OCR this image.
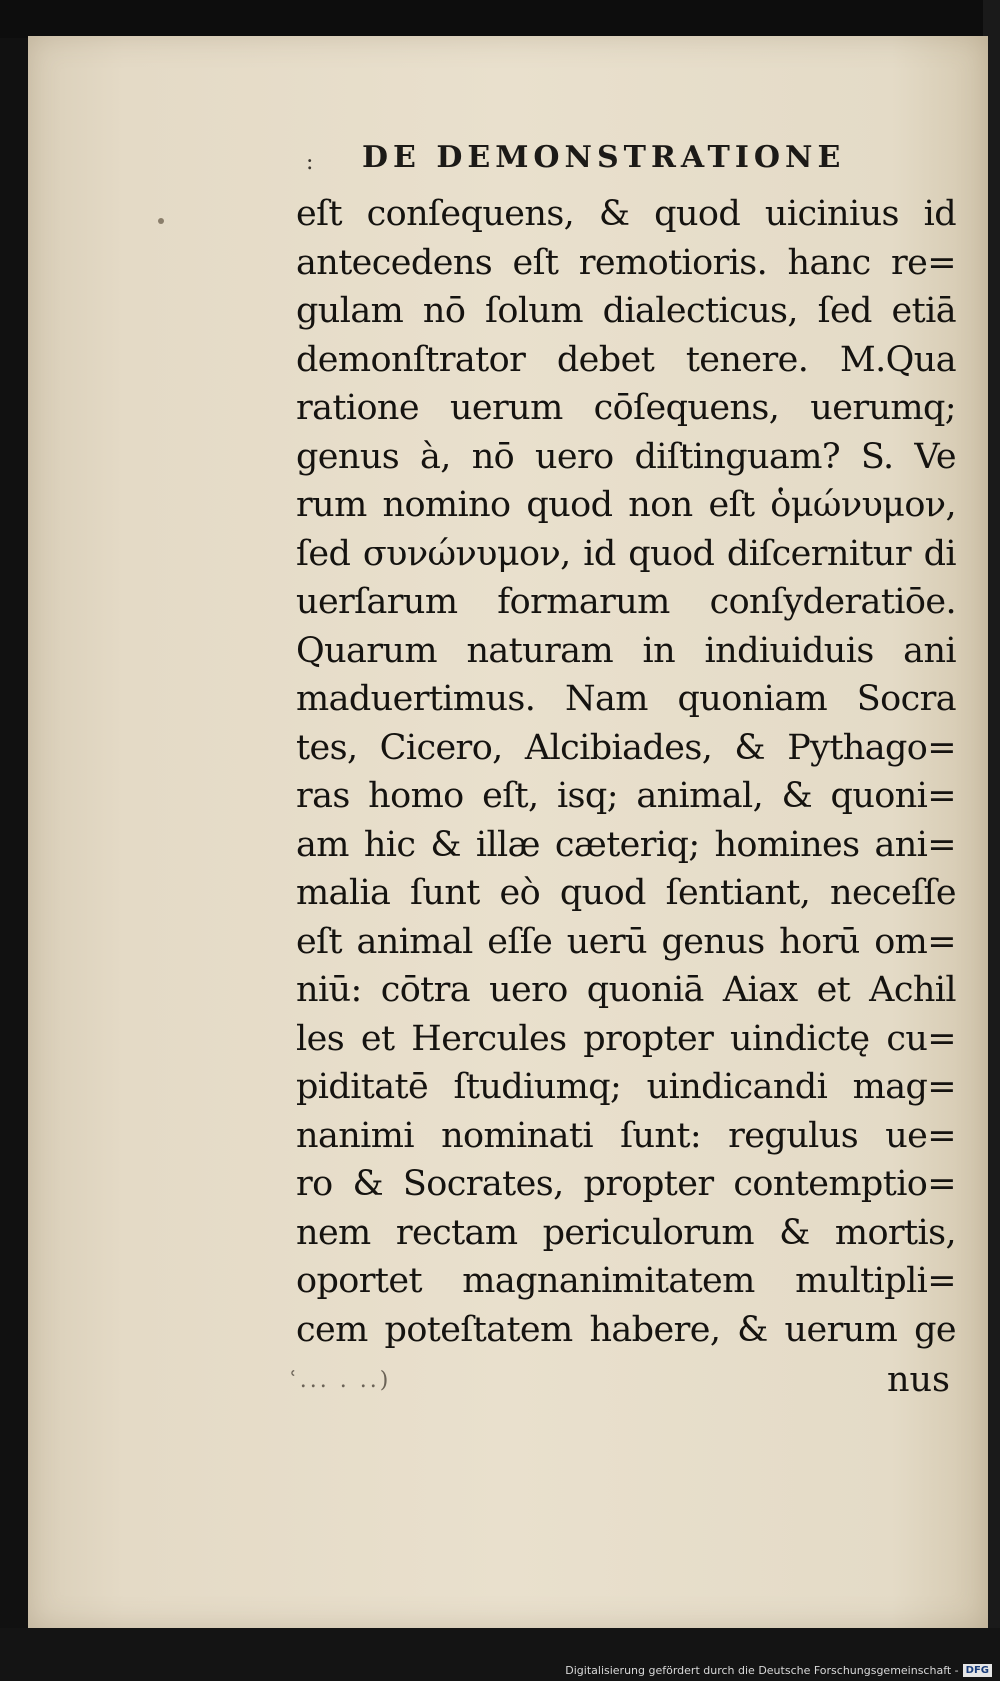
: DE DEMONSTRATIONE
eſt conſequens, & quod uicinius id
antecedens eſt remotioris. hanc re=
gulam nō ſolum dialecticus, ſed etiā
demonſtrator debet tenere. M.Qua
ratione uerum cōſequens, uerumq;
genus à, nō uero diſtinguam? S. Ve
rum nomino quod non eſt ὁμώνυμον,
ſed συνώνυμον, id quod diſcernitur di
uerſarum formarum conſyderatiōe.
Quarum naturam in indiuiduis ani
maduertimus. Nam quoniam Socra
tes, Cicero, Alcibiades, & Pythago=
ras homo eſt, isq; animal, & quoni=
am hic & illæ cæteriq; homines ani=
malia ſunt eò quod ſentiant, neceſſe
eſt animal eſſe uerū genus horū om=
niū: cōtra uero quoniā Aiax et Achil
les et Hercules propter uindictę cu=
piditatē ſtudiumq; uindicandi mag=
nanimi nominati ſunt: regulus ue=
ro & Socrates, propter contemptio=
nem rectam periculorum & mortis,
oportet magnanimitatem multipli=
cem poteſtatem habere, & uerum ge
ʿ... . ..)	nus
Digitalisierung gefördert durch die Deutsche Forschungsgemeinschaft - DFG
